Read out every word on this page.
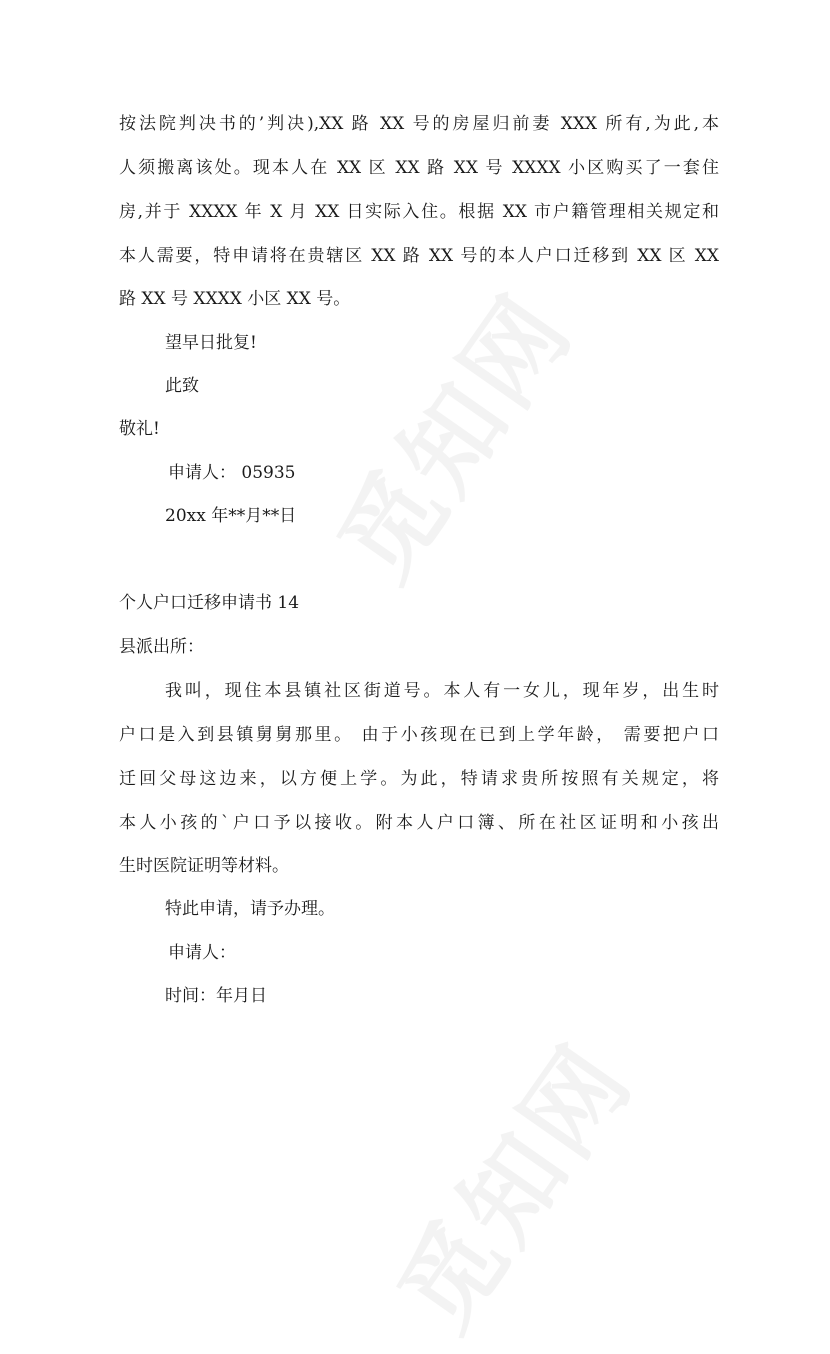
按法院判决书的’判决),XX 路 XX 号的房屋归前妻 XXX 所有,为此,本
人须搬离该处。现本人在 XX 区 XX 路 XX 号 XXXX 小区购买了一套住
房,并于 XXXX 年 X 月 XX 日实际入住。根据 XX 市户籍管理相关规定和
本人需要，特申请将在贵辖区 XX 路 XX 号的本人户口迁移到 XX 区 XX
路 XX 号 XXXX 小区 XX 号。
望早日批复!
此致
敬礼!
申请人： 05935
20xx 年**月**日
个人户口迁移申请书 14
县派出所：
我叫，现住本县镇社区街道号。本人有一女儿，现年岁，出生时
户口是入到县镇舅舅那里。 由于小孩现在已到上学年龄， 需要把户口
迁回父母这边来，以方便上学。为此，特请求贵所按照有关规定，将
本人小孩的`户口予以接收。附本人户口簿、所在社区证明和小孩出
生时医院证明等材料。
特此申请，请予办理。
申请人：
时间：年月日
